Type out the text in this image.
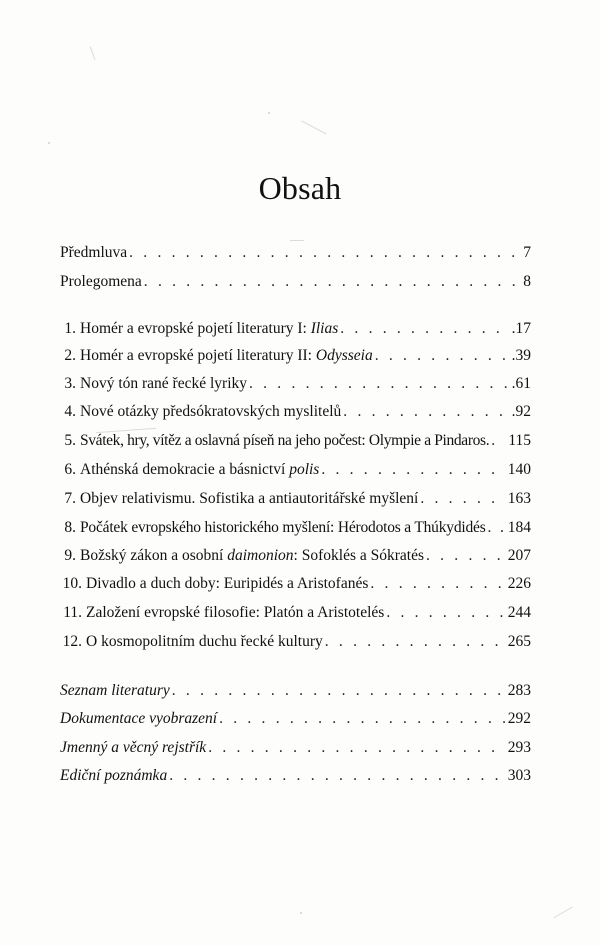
Obsah
Předmluva . . .	7
Prolegomena . . .	8
1. Homér a evropské pojetí literatury I: Ilias . . .	.17
2. Homér a evropské pojetí literatury II: Odysseia . . .	.39
3. Nový tón rané řecké lyriky . . .	.61
4. Nové otázky předsókratovských myslitelů . . .	.92
5. Svátek, hry, vítěz a oslavná píseň na jeho počest: Olympie a Pindaros. . . . 115
6. Athénská demokracie a básnictví polis . . .	140
7. Objev relativismu. Sofistika a antiautoritářské myšlení . . .	163
8. Počátek evropského historického myšlení: Hérodotos a Thúkydidés . . . . 184
9. Božský zákon a osobní daimonion: Sofoklés a Sókratés . . .	207
10. Divadlo a duch doby: Euripidés a Aristofanés . . .	226
11. Založení evropské filosofie: Platón a Aristotelés . . .	244
12. O kosmopolitním duchu řecké kultury . . .	265
Seznam literatury . . .	283
Dokumentace vyobrazení . . .	292
Jmenný a věcný rejstřík . . .	293
Ediční poznámka . . .	303
